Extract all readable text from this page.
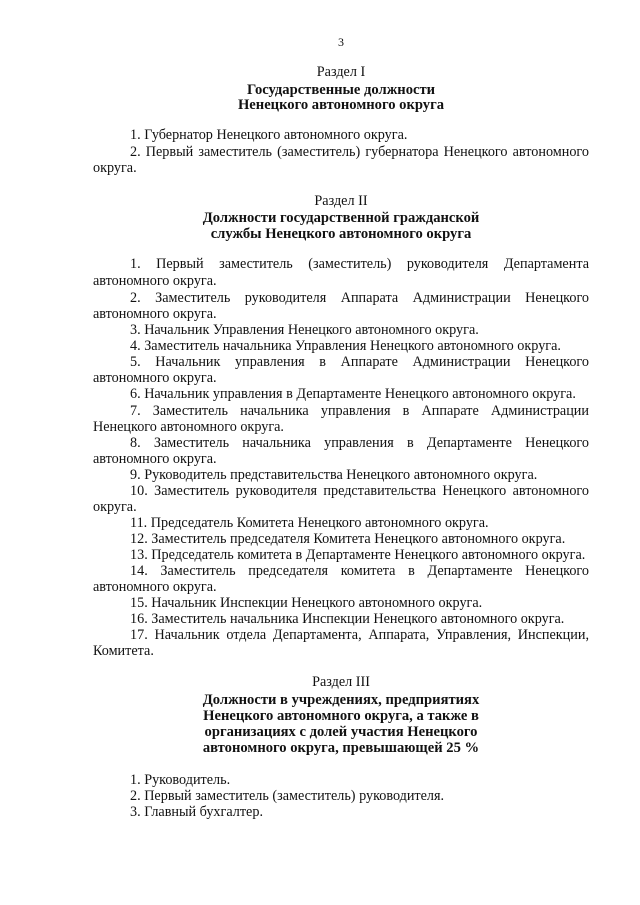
3
Раздел I
Государственные должности
Ненецкого автономного округа
1. Губернатор Ненецкого автономного округа.
2. Первый заместитель (заместитель) губернатора Ненецкого автономного
округа.
Раздел II
Должности государственной гражданской
службы Ненецкого автономного округа
1. Первый заместитель (заместитель) руководителя Департамента
автономного округа.
2. Заместитель руководителя Аппарата Администрации Ненецкого
автономного округа.
3. Начальник Управления Ненецкого автономного округа.
4. Заместитель начальника Управления Ненецкого автономного округа.
5. Начальник управления в Аппарате Администрации Ненецкого
автономного округа.
6. Начальник управления в Департаменте Ненецкого автономного округа.
7. Заместитель начальника управления в Аппарате Администрации
Ненецкого автономного округа.
8. Заместитель начальника управления в Департаменте Ненецкого
автономного округа.
9. Руководитель представительства Ненецкого автономного округа.
10. Заместитель руководителя представительства Ненецкого автономного
округа.
11. Председатель Комитета Ненецкого автономного округа.
12. Заместитель председателя Комитета Ненецкого автономного округа.
13. Председатель комитета в Департаменте Ненецкого автономного округа.
14. Заместитель председателя комитета в Департаменте Ненецкого
автономного округа.
15. Начальник Инспекции Ненецкого автономного округа.
16. Заместитель начальника Инспекции Ненецкого автономного округа.
17. Начальник отдела Департамента, Аппарата, Управления, Инспекции,
Комитета.
Раздел III
Должности в учреждениях, предприятиях
Ненецкого автономного округа, а также в
организациях с долей участия Ненецкого
автономного округа, превышающей 25 %
1. Руководитель.
2. Первый заместитель (заместитель) руководителя.
3. Главный бухгалтер.
